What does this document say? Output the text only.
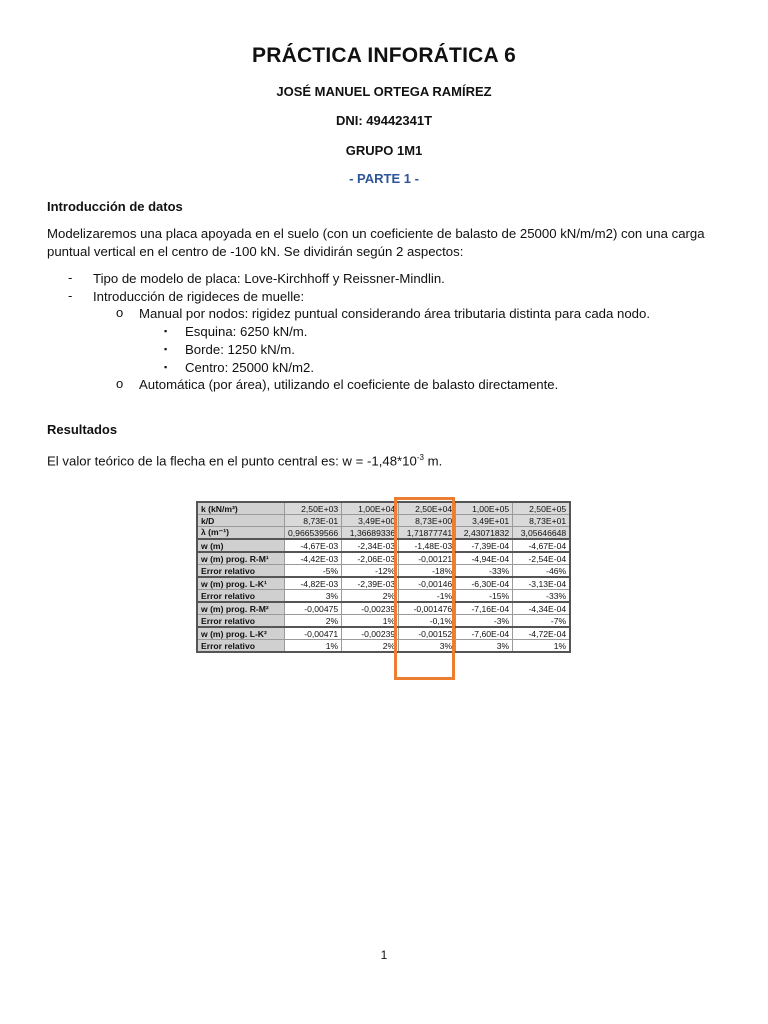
PRÁCTICA INFORÁTICA 6
JOSÉ MANUEL ORTEGA RAMÍREZ
DNI: 49442341T
GRUPO 1M1
- PARTE 1 -
Introducción de datos
Modelizaremos una placa apoyada en el suelo (con un coeficiente de balasto de 25000 kN/m/m2) con una carga puntual vertical en el centro de -100 kN. Se dividirán según 2 aspectos:
- Tipo de modelo de placa: Love-Kirchhoff y Reissner-Mindlin.
- Introducción de rigideces de muelle:
o Manual por nodos: rigidez puntual considerando área tributaria distinta para cada nodo.
▪ Esquina: 6250 kN/m.
▪ Borde: 1250 kN/m.
▪ Centro: 25000 kN/m2.
o Automática (por área), utilizando el coeficiente de balasto directamente.
Resultados
El valor teórico de la flecha en el punto central es: $w = -1,48*10^{-3}$ m.
k (kN/m³)	2,50E+03	1,00E+04	2,50E+04	1,00E+05	2,50E+05
k/D	8,73E-01	3,49E+00	8,73E+00	3,49E+01	8,73E+01
λ (m⁻¹)	0,966539566	1,36689336	1,71877741	2,43071832	3,05646648
w (m)	-4,67E-03	-2,34E-03	-1,48E-03	-7,39E-04	-4,67E-04
w (m) prog. R-M¹	-4,42E-03	-2,06E-03	-0,00121	-4,94E-04	-2,54E-04
Error relativo	-5%	-12%	-18%	-33%	-46%
w (m) prog. L-K¹	-4,82E-03	-2,39E-03	-0,00146	-6,30E-04	-3,13E-04
Error relativo	3%	2%	-1%	-15%	-33%
w (m) prog. R-M²	-0,00475	-0,00239	-0,001476	-7,16E-04	-4,34E-04
Error relativo	2%	1%	-0,1%	-3%	-7%
w (m) prog. L-K²	-0,00471	-0,00239	-0,00152	-7,60E-04	-4,72E-04
Error relativo	1%	2%	3%	3%	1%
1
